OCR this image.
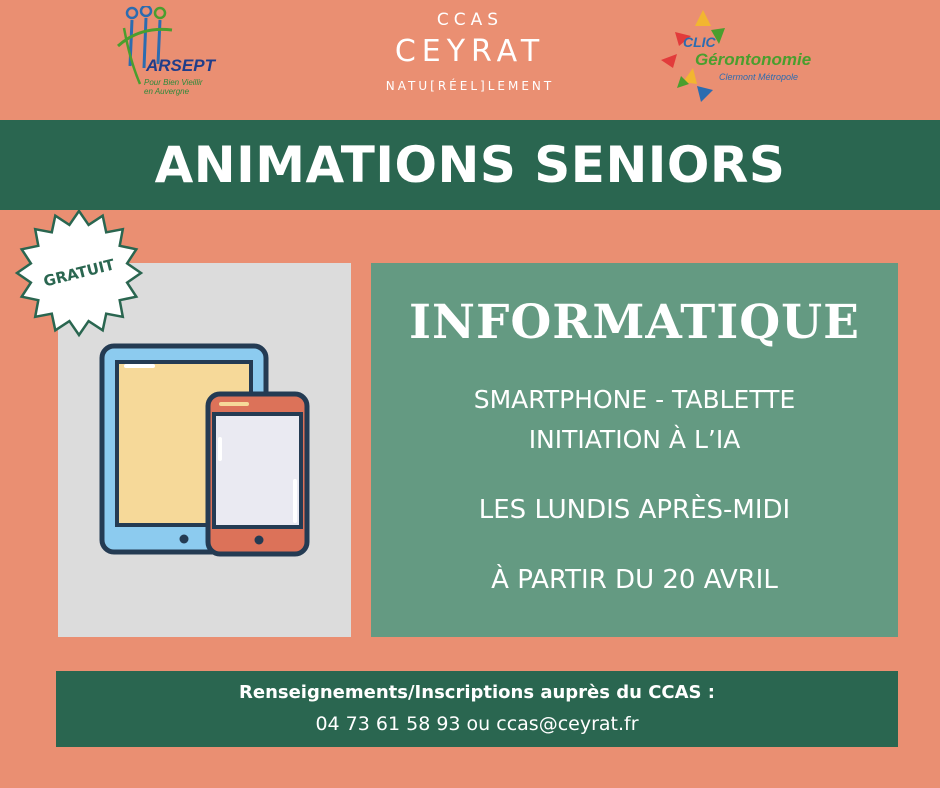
ARSEPT
Pour Bien Vieillir
en Auvergne
CCAS
CEYRAT
NATU[RÉEL]LEMENT
CLIC
Gérontonomie
Clermont Métropole
ANIMATIONS SENIORS
GRATUIT
INFORMATIQUE
SMARTPHONE - TABLETTE
INITIATION À L’IA
LES LUNDIS APRÈS-MIDI
À PARTIR DU 20 AVRIL
Renseignements/Inscriptions auprès du CCAS :
04 73 61 58 93 ou ccas@ceyrat.fr
